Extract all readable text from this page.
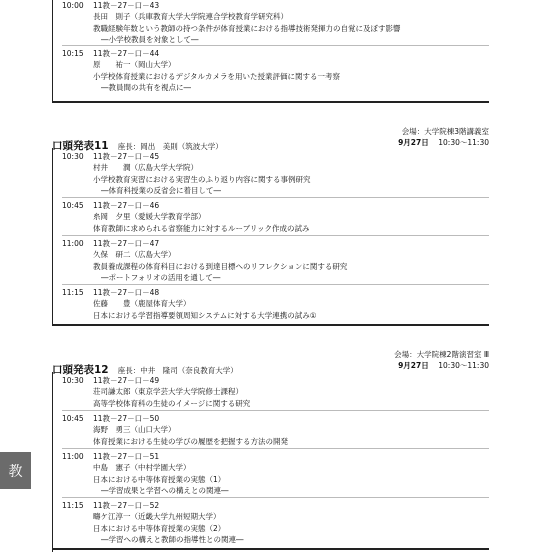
10:00 11教－27－口－43
長田　則子（兵庫教育大学大学院連合学校教育学研究科）
教職経験年数という教師の持つ条件が体育授業における指導技術発揮力の自覚に及ぼす影響
―小学校教員を対象として―
10:15 11教－27－口－44
原　　祐一（岡山大学）
小学校体育授業におけるデジタルカメラを用いた授業評価に関する一考察
―教員間の共有を視点に―
会場：大学院棟3階講義室
9月27日 10:30～11:30
口頭発表11 座長：岡出　美則（筑波大学）
10:30 11教－27－口－45
村井　　潤（広島大学大学院）
小学校教育実習における実習生のふり返り内容に関する事例研究
―体育科授業の反省会に着目して―
10:45 11教－27－口－46
糸岡　夕里（愛媛大学教育学部）
体育教師に求められる省察能力に対するルーブリック作成の試み
11:00 11教－27－口－47
久保　研二（広島大学）
教員養成課程の体育科目における到達目標へのリフレクションに関する研究
―ポートフォリオの活用を通して―
11:15 11教－27－口－48
佐藤　　豊（鹿屋体育大学）
日本における学習指導要領周知システムに対する大学連携の試み①
会場：大学院棟2階演習室 Ⅲ
9月27日 10:30～11:30
口頭発表12 座長：中井　隆司（奈良教育大学）
10:30 11教－27－口－49
荘司謙太郎（東京学芸大学大学院修士課程）
高等学校体育科の生徒のイメージに関する研究
10:45 11教－27－口－50
海野　勇三（山口大学）
体育授業における生徒の学びの履歴を把握する方法の開発
11:00 11教－27－口－51
中島　憲子（中村学園大学）
日本における中等体育授業の実態（1）
―学習成果と学習への構えとの関連―
11:15 11教－27－口－52
疇ケ江淳一（近畿大学九州短期大学）
日本における中等体育授業の実態（2）
―学習への構えと教師の指導性との関連―
教
